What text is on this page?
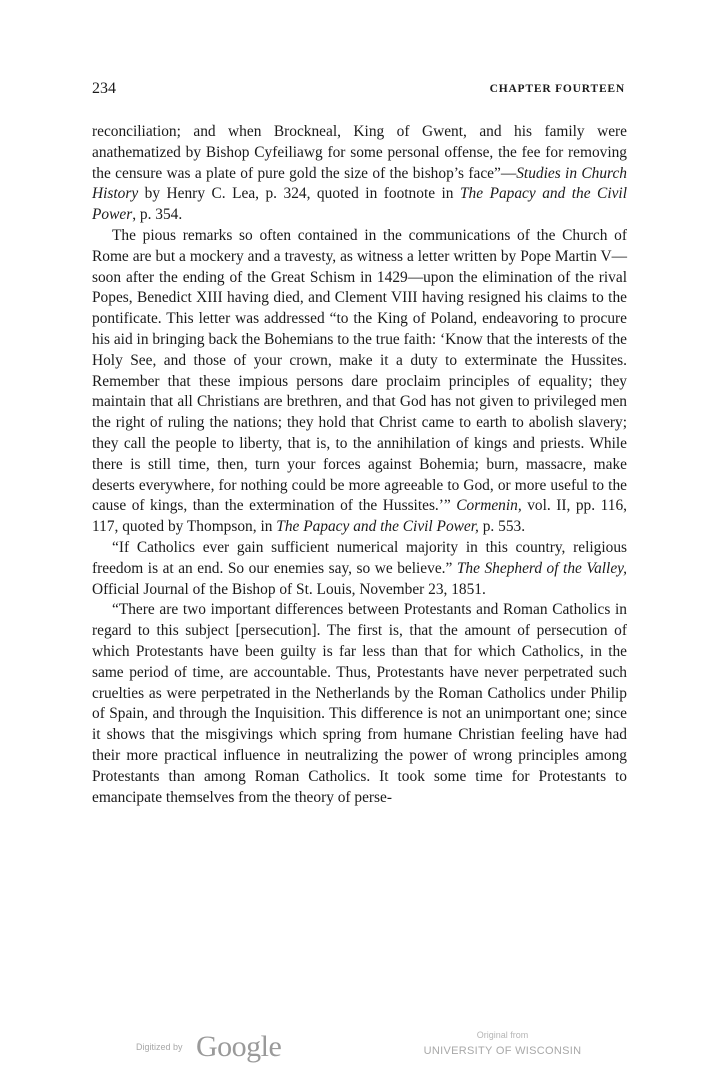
234	CHAPTER FOURTEEN

reconciliation; and when Brockneal, King of Gwent, and his family were anathematized by Bishop Cyfeiliawg for some personal offense, the fee for removing the censure was a plate of pure gold the size of the bishop’s face”—Studies in Church History by Henry C. Lea, p. 324, quoted in footnote in The Papacy and the Civil Power, p. 354.

The pious remarks so often contained in the communications of the Church of Rome are but a mockery and a travesty, as witness a letter written by Pope Martin V—soon after the ending of the Great Schism in 1429—upon the elimination of the rival Popes, Benedict XIII having died, and Clement VIII having resigned his claims to the pontificate. This letter was addressed “to the King of Poland, endeavoring to procure his aid in bringing back the Bohemians to the true faith: ‘Know that the interests of the Holy See, and those of your crown, make it a duty to exterminate the Hussites. Remember that these impious persons dare proclaim principles of equality; they maintain that all Christians are brethren, and that God has not given to privileged men the right of ruling the nations; they hold that Christ came to earth to abolish slavery; they call the people to liberty, that is, to the annihilation of kings and priests. While there is still time, then, turn your forces against Bohemia; burn, massacre, make deserts everywhere, for nothing could be more agreeable to God, or more useful to the cause of kings, than the extermination of the Hussites.’” Cormenin, vol. II, pp. 116, 117, quoted by Thompson, in The Papacy and the Civil Power, p. 553.

“If Catholics ever gain sufficient numerical majority in this country, religious freedom is at an end. So our enemies say, so we believe.” The Shepherd of the Valley, Official Journal of the Bishop of St. Louis, November 23, 1851.

“There are two important differences between Protestants and Roman Catholics in regard to this subject [persecution]. The first is, that the amount of persecution of which Protestants have been guilty is far less than that for which Catholics, in the same period of time, are accountable. Thus, Protestants have never perpetrated such cruelties as were perpetrated in the Netherlands by the Roman Catholics under Philip of Spain, and through the Inquisition. This difference is not an unimportant one; since it shows that the misgivings which spring from humane Christian feeling have had their more practical influence in neutralizing the power of wrong principles among Protestants than among Roman Catholics. It took some time for Protestants to emancipate themselves from the theory of perse-

Digitized by Google	Original from
UNIVERSITY OF WISCONSIN
